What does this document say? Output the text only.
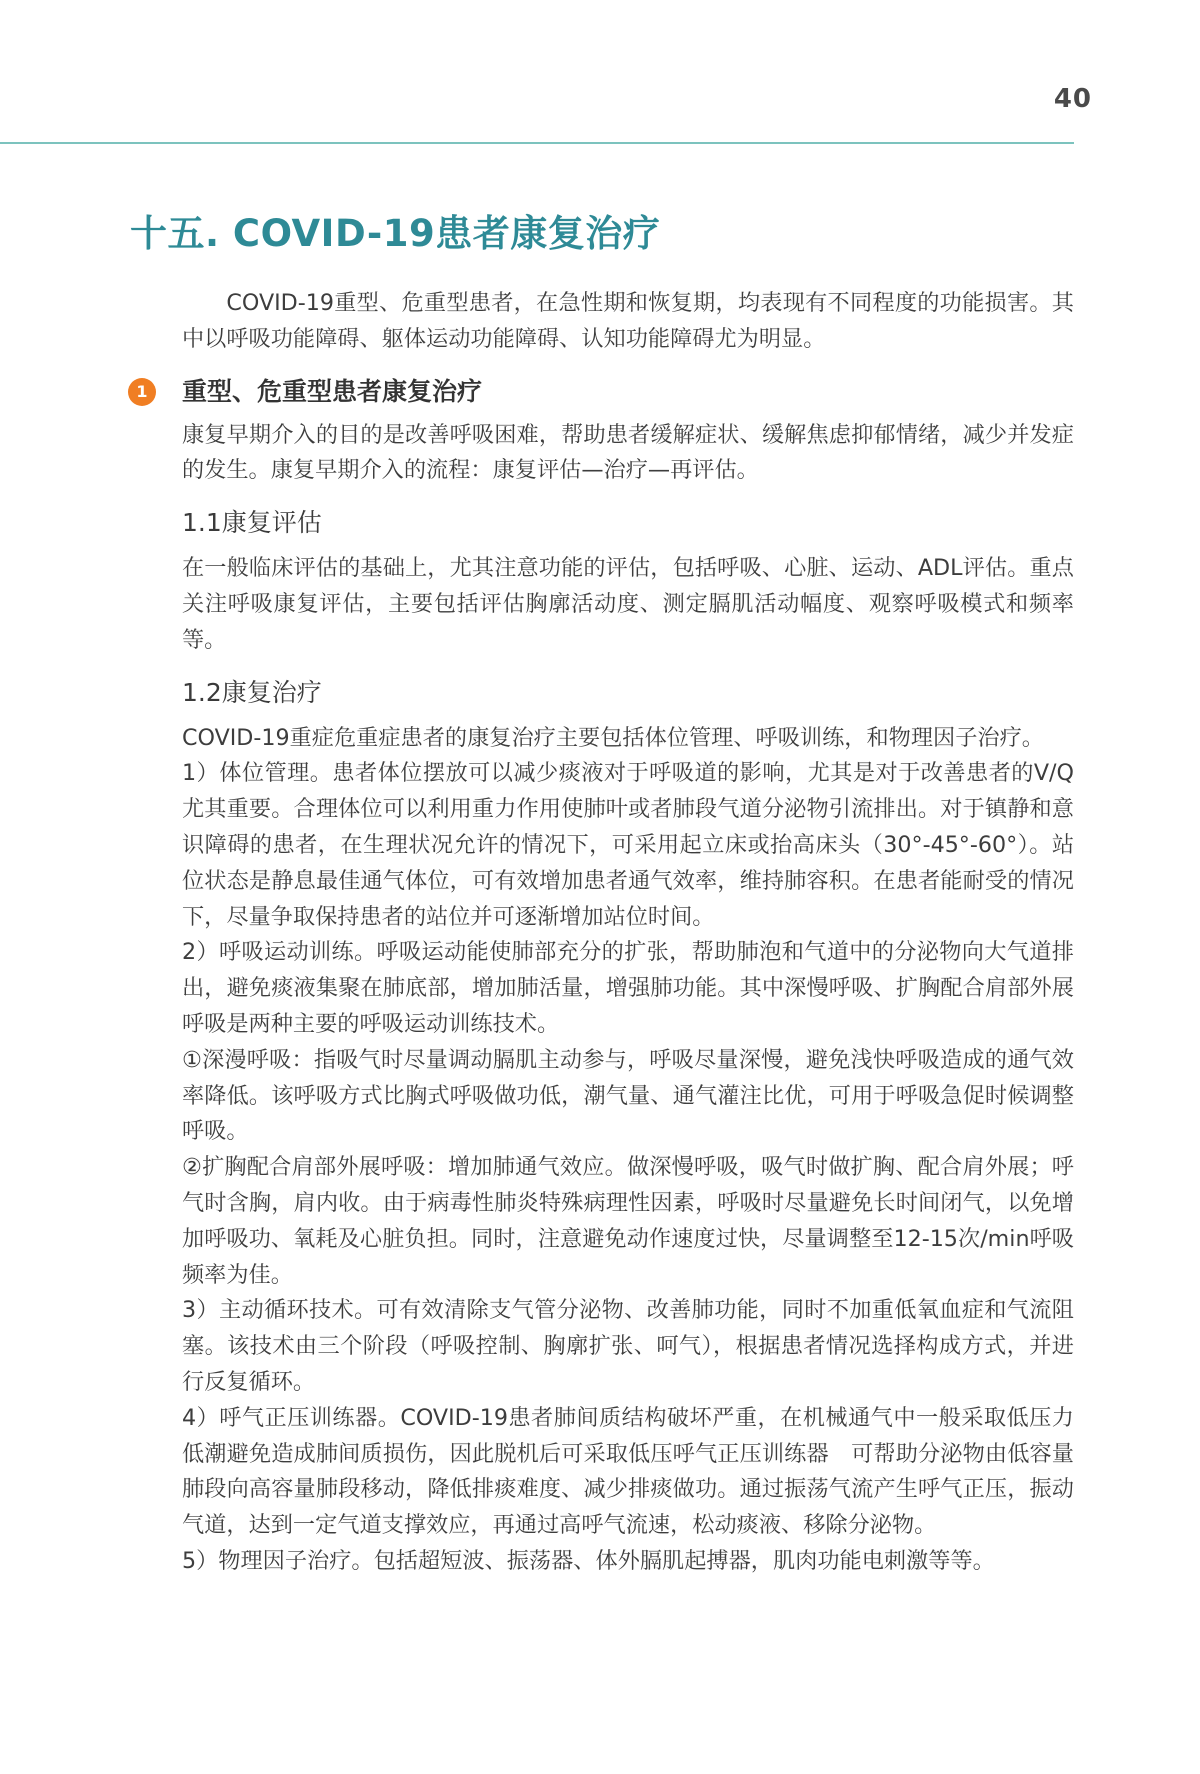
40
十五. COVID-19患者康复治疗

COVID-19重型、危重型患者，在急性期和恢复期，均表现有不同程度的功能损害。其中以呼吸功能障碍、躯体运动功能障碍、认知功能障碍尤为明显。

1	重型、危重型患者康复治疗

康复早期介入的目的是改善呼吸困难，帮助患者缓解症状、缓解焦虑抑郁情绪，减少并发症的发生。康复早期介入的流程：康复评估—治疗—再评估。

1.1康复评估

在一般临床评估的基础上，尤其注意功能的评估，包括呼吸、心脏、运动、ADL评估。重点关注呼吸康复评估，主要包括评估胸廓活动度、测定膈肌活动幅度、观察呼吸模式和频率等。

1.2康复治疗

COVID-19重症危重症患者的康复治疗主要包括体位管理、呼吸训练，和物理因子治疗。

1）体位管理。患者体位摆放可以减少痰液对于呼吸道的影响，尤其是对于改善患者的V/Q尤其重要。合理体位可以利用重力作用使肺叶或者肺段气道分泌物引流排出。对于镇静和意识障碍的患者，在生理状况允许的情况下，可采用起立床或抬高床头（30°-45°-60°）。站位状态是静息最佳通气体位，可有效增加患者通气效率，维持肺容积。在患者能耐受的情况下，尽量争取保持患者的站位并可逐渐增加站位时间。

2）呼吸运动训练。呼吸运动能使肺部充分的扩张，帮助肺泡和气道中的分泌物向大气道排出，避免痰液集聚在肺底部，增加肺活量，增强肺功能。其中深慢呼吸、扩胸配合肩部外展呼吸是两种主要的呼吸运动训练技术。

①深漫呼吸：指吸气时尽量调动膈肌主动参与，呼吸尽量深慢，避免浅快呼吸造成的通气效率降低。该呼吸方式比胸式呼吸做功低，潮气量、通气灌注比优，可用于呼吸急促时候调整呼吸。

②扩胸配合肩部外展呼吸：增加肺通气效应。做深慢呼吸，吸气时做扩胸、配合肩外展；呼气时含胸，肩内收。由于病毒性肺炎特殊病理性因素，呼吸时尽量避免长时间闭气，以免增加呼吸功、氧耗及心脏负担。同时，注意避免动作速度过快，尽量调整至12-15次/min呼吸频率为佳。

3）主动循环技术。可有效清除支气管分泌物、改善肺功能，同时不加重低氧血症和气流阻塞。该技术由三个阶段（呼吸控制、胸廓扩张、呵气），根据患者情况选择构成方式，并进行反复循环。

4）呼气正压训练器。COVID-19患者肺间质结构破坏严重，在机械通气中一般采取低压力低潮避免造成肺间质损伤，因此脱机后可采取低压呼气正压训练器　可帮助分泌物由低容量肺段向高容量肺段移动，降低排痰难度、减少排痰做功。通过振荡气流产生呼气正压，振动气道，达到一定气道支撑效应，再通过高呼气流速，松动痰液、移除分泌物。

5）物理因子治疗。包括超短波、振荡器、体外膈肌起搏器，肌肉功能电刺激等等。
